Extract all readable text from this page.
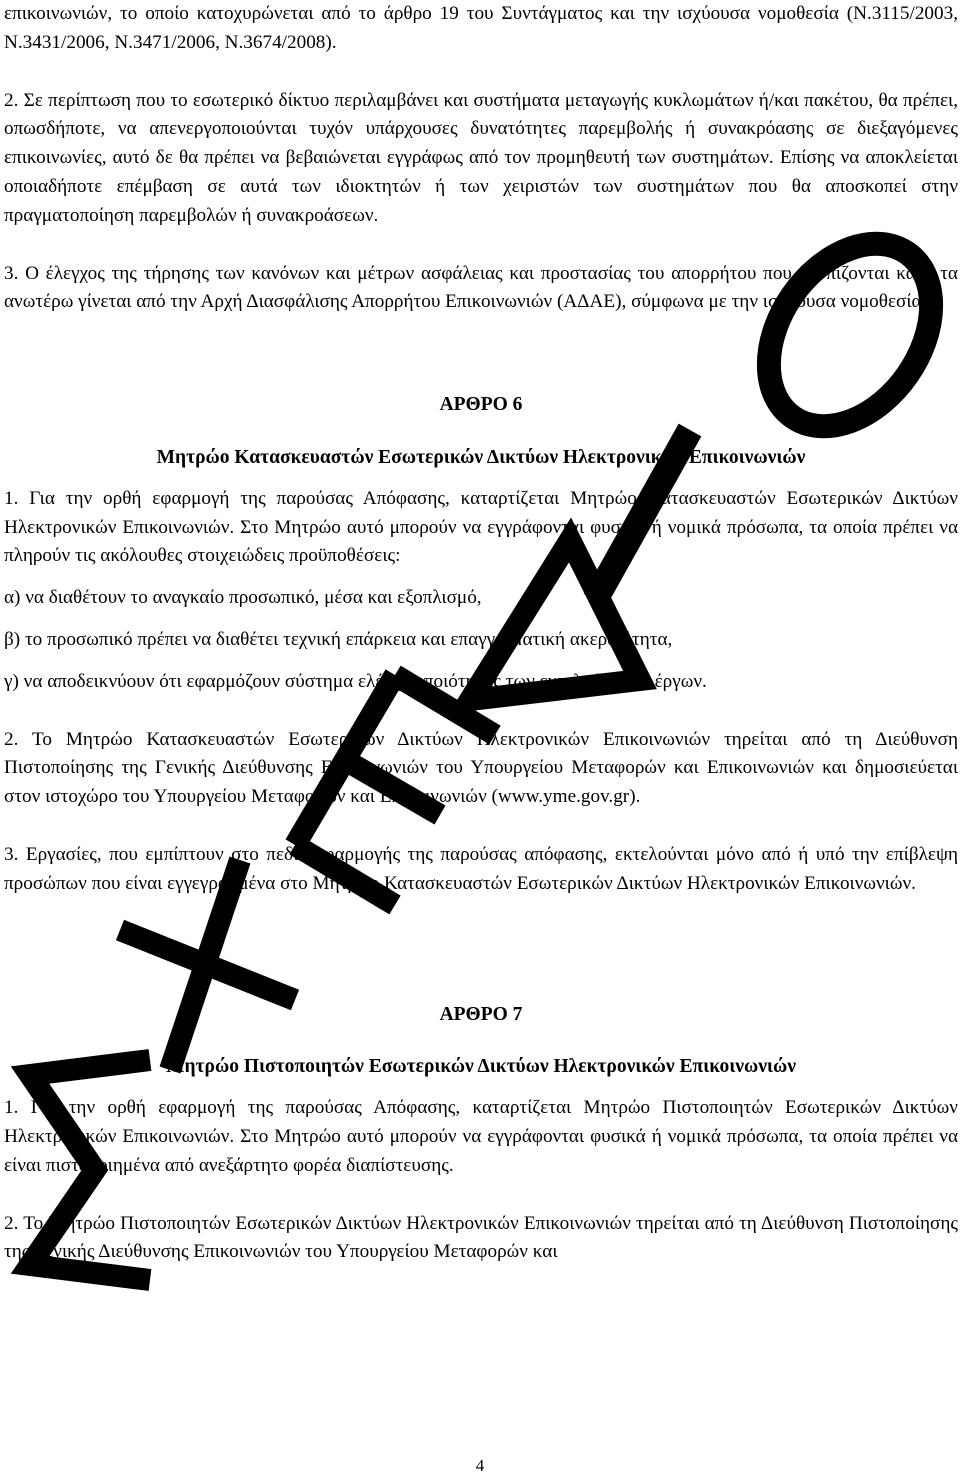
επικοινωνιών, το οποίο κατοχυρώνεται από το άρθρο 19 του Συντάγματος και την ισχύουσα νομοθεσία (Ν.3115/2003, Ν.3431/2006, Ν.3471/2006, Ν.3674/2008).

2. Σε περίπτωση που το εσωτερικό δίκτυο περιλαμβάνει και συστήματα μεταγωγής κυκλωμάτων ή/και πακέτου, θα πρέπει, οπωσδήποτε, να απενεργοποιούνται τυχόν υπάρχουσες δυνατότητες παρεμβολής ή συνακρόασης σε διεξαγόμενες επικοινωνίες, αυτό δε θα πρέπει να βεβαιώνεται εγγράφως από τον προμηθευτή των συστημάτων. Επίσης να αποκλείεται οποιαδήποτε επέμβαση σε αυτά των ιδιοκτητών ή των χειριστών των συστημάτων που θα αποσκοπεί στην πραγματοποίηση παρεμβολών ή συνακροάσεων.

3. Ο έλεγχος της τήρησης των κανόνων και μέτρων ασφάλειας και προστασίας του απορρήτου που θεσπίζονται κατά τα ανωτέρω γίνεται από την Αρχή Διασφάλισης Απορρήτου Επικοινωνιών (ΑΔΑΕ), σύμφωνα με την ισχύουσα νομοθεσία.

ΑΡΘΡΟ 6

Μητρώο Κατασκευαστών Εσωτερικών Δικτύων Ηλεκτρονικών Επικοινωνιών

1. Για την ορθή εφαρμογή της παρούσας Απόφασης, καταρτίζεται Μητρώο Κατασκευαστών Εσωτερικών Δικτύων Ηλεκτρονικών Επικοινωνιών. Στο Μητρώο αυτό μπορούν να εγγράφονται φυσικά ή νομικά πρόσωπα, τα οποία πρέπει να πληρούν τις ακόλουθες στοιχειώδεις προϋποθέσεις:

α) να διαθέτουν το αναγκαίο προσωπικό, μέσα και εξοπλισμό,

β) το προσωπικό πρέπει να διαθέτει τεχνική επάρκεια και επαγγελματική ακεραιότητα,

γ) να αποδεικνύουν ότι εφαρμόζουν σύστημα ελέγχου ποιότητας των εκτελούμενων έργων.

2. Το Μητρώο Κατασκευαστών Εσωτερικών Δικτύων Ηλεκτρονικών Επικοινωνιών τηρείται από τη Διεύθυνση Πιστοποίησης της Γενικής Διεύθυνσης Επικοινωνιών του Υπουργείου Μεταφορών και Επικοινωνιών και δημοσιεύεται στον ιστοχώρο του Υπουργείου Μεταφορών και Επικοινωνιών (www.yme.gov.gr).

3. Εργασίες, που εμπίπτουν στο πεδίο εφαρμογής της παρούσας απόφασης, εκτελούνται μόνο από ή υπό την επίβλεψη προσώπων που είναι εγγεγραμμένα στο Μητρώο Κατασκευαστών Εσωτερικών Δικτύων Ηλεκτρονικών Επικοινωνιών.

ΑΡΘΡΟ 7

Μητρώο Πιστοποιητών Εσωτερικών Δικτύων Ηλεκτρονικών Επικοινωνιών

1. Για την ορθή εφαρμογή της παρούσας Απόφασης, καταρτίζεται Μητρώο Πιστοποιητών Εσωτερικών Δικτύων Ηλεκτρονικών Επικοινωνιών. Στο Μητρώο αυτό μπορούν να εγγράφονται φυσικά ή νομικά πρόσωπα, τα οποία πρέπει να είναι πιστοποιημένα από ανεξάρτητο φορέα διαπίστευσης.

2. Το Μητρώο Πιστοποιητών Εσωτερικών Δικτύων Ηλεκτρονικών Επικοινωνιών τηρείται από τη Διεύθυνση Πιστοποίησης της Γενικής Διεύθυνσης Επικοινωνιών του Υπουργείου Μεταφορών και

4
